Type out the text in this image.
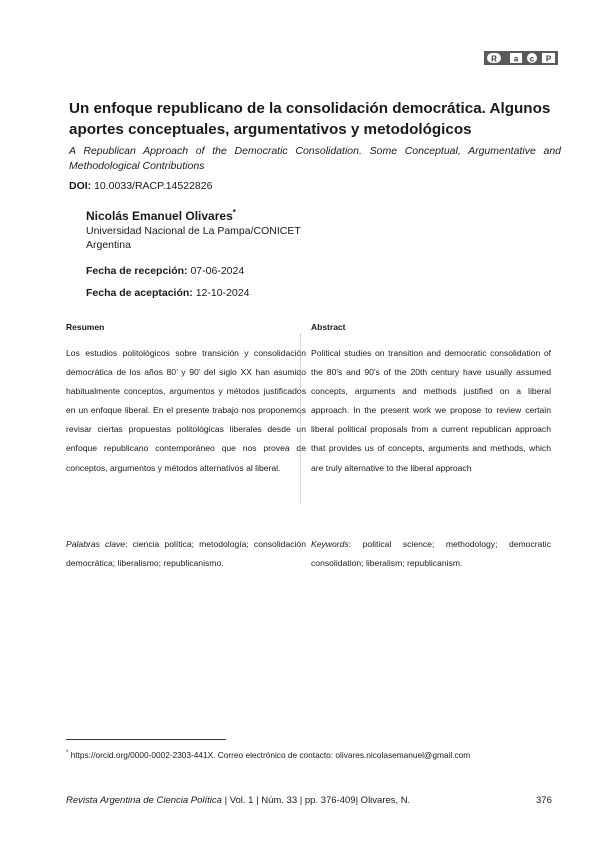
R a c P
Un enfoque republicano de la consolidación democrática. Algunos aportes conceptuales, argumentativos y metodológicos
A Republican Approach of the Democratic Consolidation. Some Conceptual, Argumentative and Methodological Contributions
DOI: 10.0033/RACP.14522826
Nicolás Emanuel Olivares*
Universidad Nacional de La Pampa/CONICET
Argentina
Fecha de recepción: 07-06-2024
Fecha de aceptación: 12-10-2024
Resumen	Abstract
Los estudios politológicos sobre transición y consolidación democrática de los años 80’ y 90’ del siglo XX han asumido habitualmente conceptos, argumentos y métodos justificados en un enfoque liberal. En el presente trabajo nos proponemos revisar ciertas propuestas politológicas liberales desde un enfoque republicano contemporáneo que nos provea de conceptos, argumentos y métodos alternativos al liberal.
Political studies on transition and democratic consolidation of the 80's and 90's of the 20th century have usually assumed concepts, arguments and methods justified on a liberal approach. In the present work we propose to review certain liberal political proposals from a current republican approach that provides us of concepts, arguments and methods, which are truly alternative to the liberal approach
Palabras clave: ciencia política; metodología; consolidación democrática; liberalismo; republicanismo.
Keywords: political science; methodology; democratic consolidation; liberalism; republicanism.
* https://orcid.org/0000-0002-2303-441X. Correo electrónico de contacto: olivares.nicolasemanuel@gmail.com
Revista Argentina de Ciencia Política | Vol. 1 | Núm. 33 | pp. 376-409| Olivares, N.	376
